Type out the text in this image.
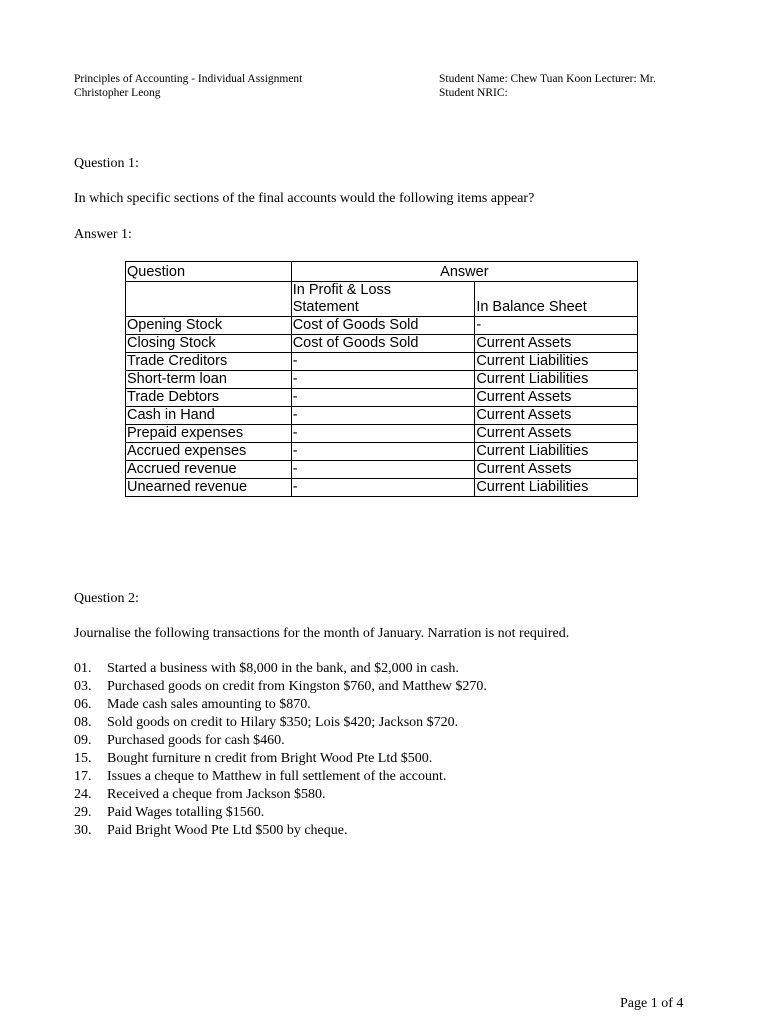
Principles of Accounting - Individual Assignment
Christopher Leong
Student Name: Chew Tuan Koon Lecturer: Mr.
Student NRIC:
Question 1:
In which specific sections of the final accounts would the following items appear?
Answer 1:
Question	Answer	

	In Profit & Loss
Statement	In Balance Sheet
Opening Stock	Cost of Goods Sold	-
Closing Stock	Cost of Goods Sold	Current Assets
Trade Creditors	-	Current Liabilities
Short-term loan	-	Current Liabilities
Trade Debtors	-	Current Assets
Cash in Hand	-	Current Assets
Prepaid expenses	-	Current Assets
Accrued expenses	-	Current Liabilities
Accrued revenue	-	Current Assets
Unearned revenue	-	Current Liabilities
Question 2:
Journalise the following transactions for the month of January. Narration is not required.
01.	Started a business with $8,000 in the bank, and $2,000 in cash.
03.	Purchased goods on credit from Kingston $760, and Matthew $270.
06.	Made cash sales amounting to $870.
08.	Sold goods on credit to Hilary $350; Lois $420; Jackson $720.
09.	Purchased goods for cash $460.
15.	Bought furniture n credit from Bright Wood Pte Ltd $500.
17.	Issues a cheque to Matthew in full settlement of the account.
24.	Received a cheque from Jackson $580.
29.	Paid Wages totalling $1560.
30.	Paid Bright Wood Pte Ltd $500 by cheque.
Page 1 of 4
